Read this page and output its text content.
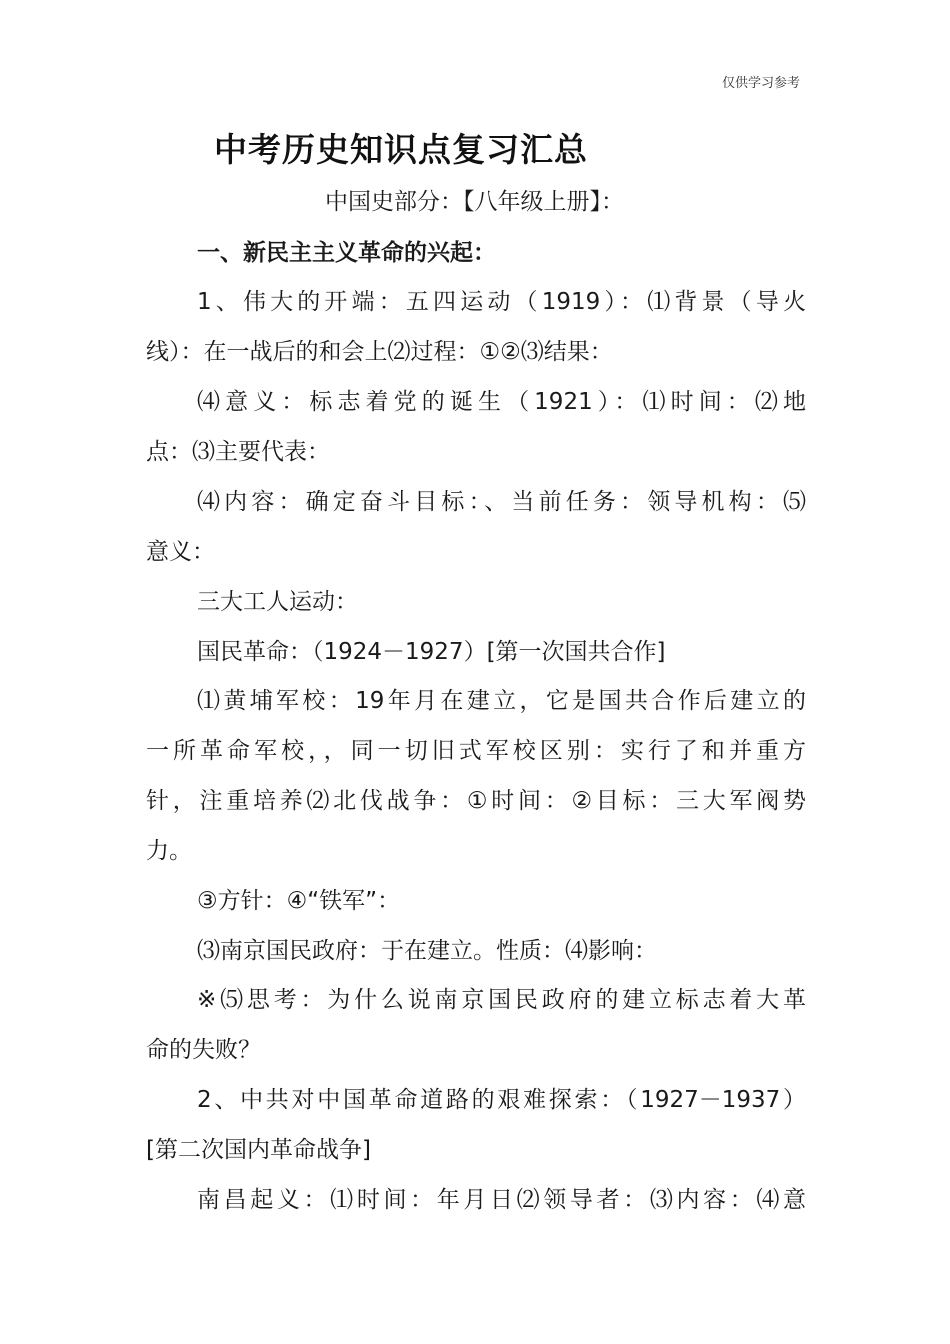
仅供学习参考
中考历史知识点复习汇总
中国史部分：【八年级上册】：
一、新民主主义革命的兴起：
1、伟大的开端：五四运动（1919）：⑴背景（导火
线）：在一战后的和会上⑵过程：①②⑶结果：
⑷意义：标志着党的诞生（1921）：⑴时间：⑵地
点：⑶主要代表：
⑷内容：确定奋斗目标：、当前任务：领导机构：⑸
意义：
三大工人运动：
国民革命：（1924－1927）[第一次国共合作]
⑴黄埔军校：19年月在建立，它是国共合作后建立的
一所革命军校，，同一切旧式军校区别：实行了和并重方
针，注重培养⑵北伐战争：①时间：②目标：三大军阀势
力。
③方针：④“铁军”：
⑶南京国民政府：于在建立。性质：⑷影响：
※⑸思考：为什么说南京国民政府的建立标志着大革
命的失败？
2、中共对中国革命道路的艰难探索：（1927－1937）
[第二次国内革命战争]
南昌起义：⑴时间：年月日⑵领导者：⑶内容：⑷意
